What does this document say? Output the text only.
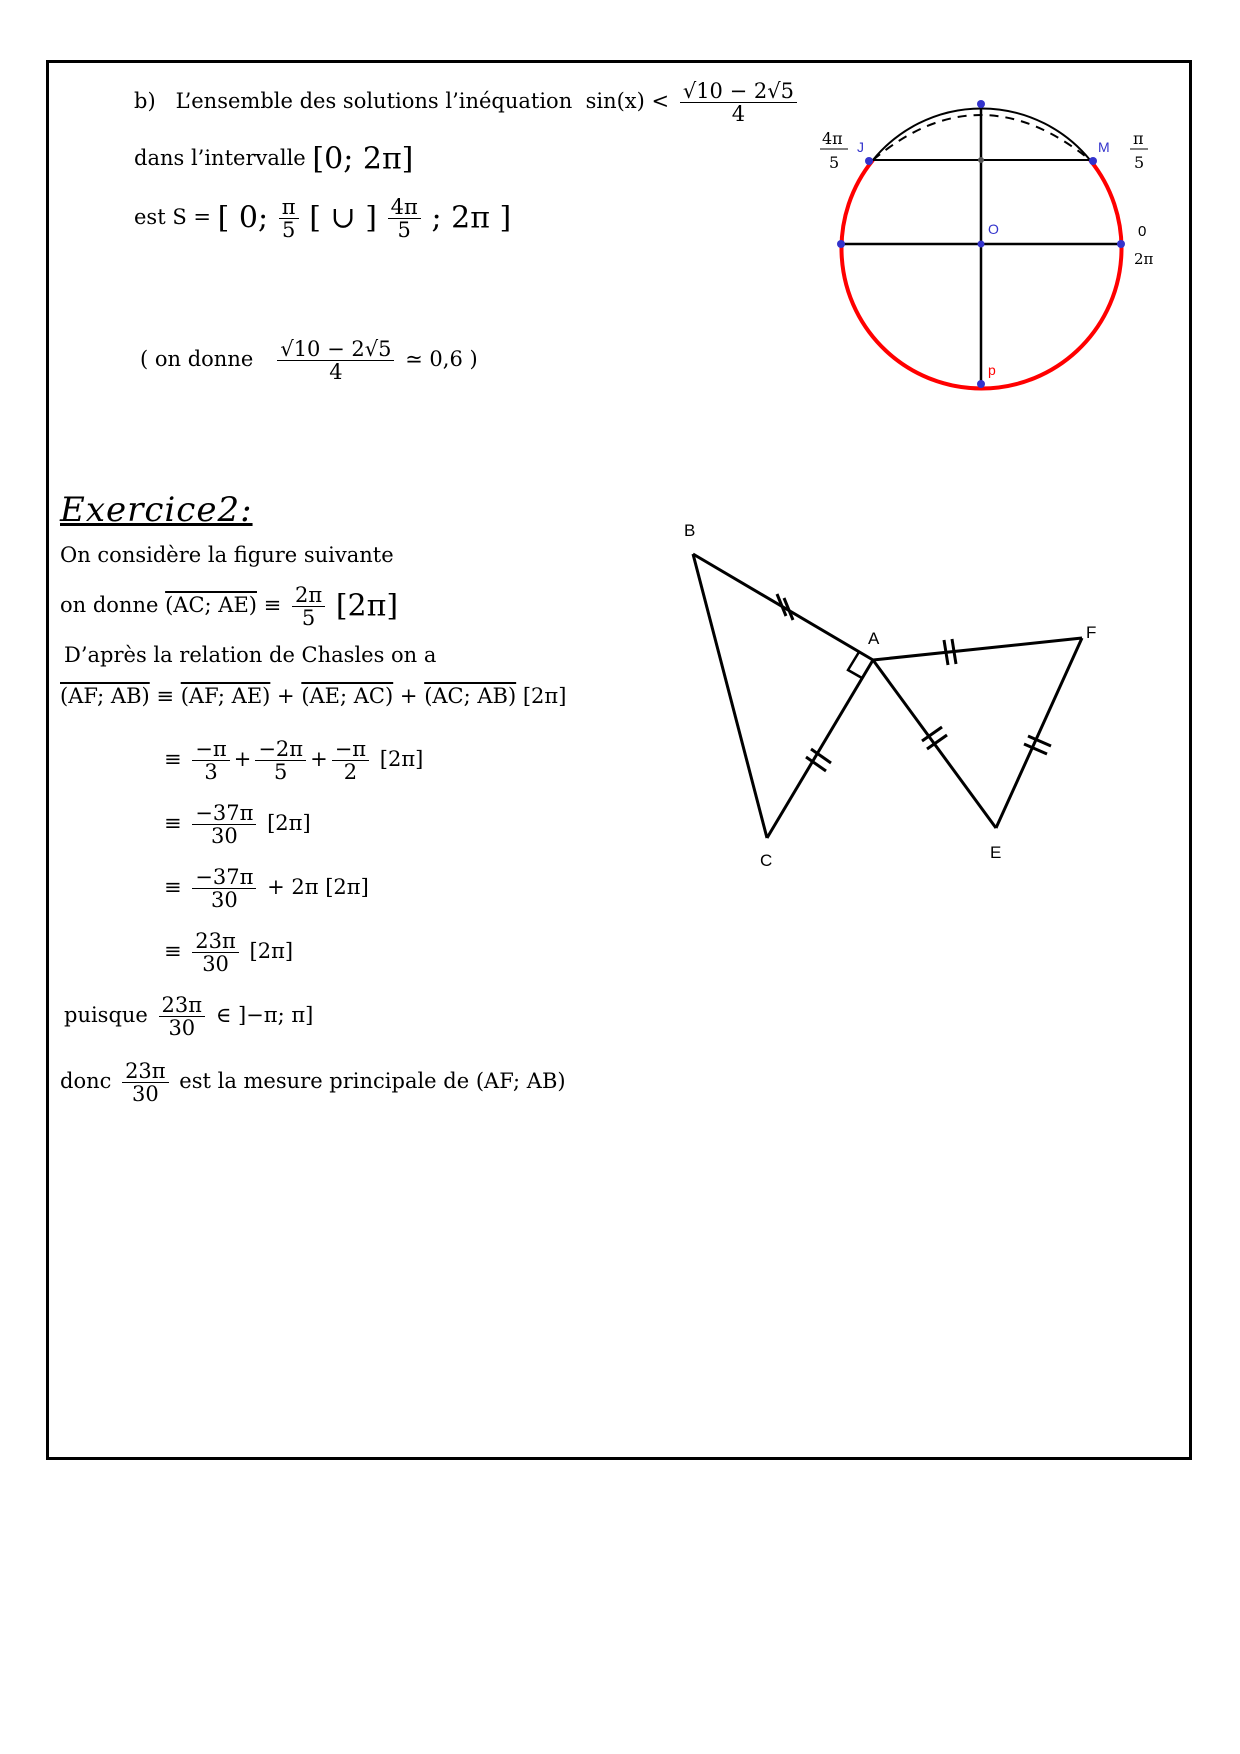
b) L’ensemble des solutions l’inéquation $\sin(x) < \frac{√10 - 2√5}{4}$
dans l’intervalle [0; 2π]
est S = [ 0; $\frac{\pi}{5}$ [ ∪ ] $\frac{4\pi}{5}$ ; 2π ]
( on donne $\frac{√10 - 2√5}{4}$ ≃ 0,6 )
J	M
O
p
0
2π
4π
5
π
5
Exercice2:
On considère la figure suivante
on donne (AC; $AE) \equiv \frac{2\pi}{5} [2\pi]$
D’après la relation de Chasles on a
(AF; AB) ≡ (AF; AE) + (AE; AC) + (AC; AB) [2π]
≡ $\frac{-\pi}{3} + \frac{-2\pi}{5} + \frac{-\pi}{2} [2\pi]$
≡ $\frac{-37\pi}{30} [2\pi]$
≡ $\frac{-37\pi}{30} + 2\pi$ [2π]
≡ $\frac{23\pi}{30} [2\pi]$
puisque $\frac{23\pi}{30}$ ∈ ]−π; π]
donc $\frac{23\pi}{30}$ est la mesure principale de (AF; AB)
B
A
C	E
F
